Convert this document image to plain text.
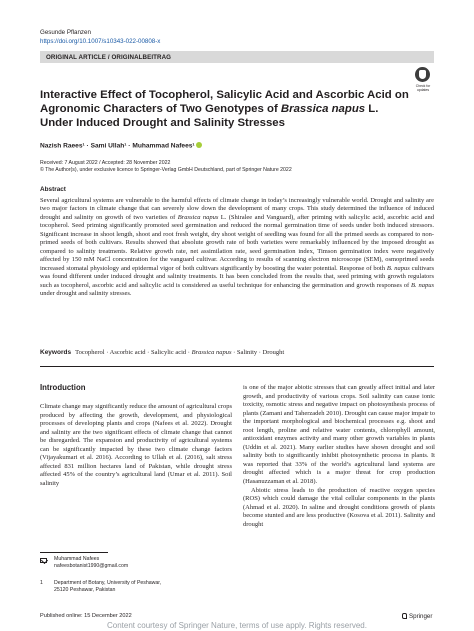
Gesunde Pflanzen
https://doi.org/10.1007/s10343-022-00808-x
ORIGINAL ARTICLE / ORIGINALBEITRAG
Check for updates
Interactive Effect of Tocopherol, Salicylic Acid and Ascorbic Acid on Agronomic Characters of Two Genotypes of Brassica napus L. Under Induced Drought and Salinity Stresses
Nazish Raees¹ · Sami Ullah¹ · Muhammad Nafees¹
Received: 7 August 2022 / Accepted: 28 November 2022
© The Author(s), under exclusive licence to Springer-Verlag GmbH Deutschland, part of Springer Nature 2022
Abstract

Several agricultural systems are vulnerable to the harmful effects of climate change in today’s increasingly vulnerable world. Drought and salinity are two major factors in climate change that can severely slow down the development of many crops. This study determined the influence of induced drought and salinity on growth of two varieties of Brassica napus L. (Shiralee and Vanguard), after priming with salicylic acid, ascorbic acid and tocopherol. Seed priming significantly promoted seed germination and reduced the normal germination time of seeds under both induced stressors. Significant increase in shoot length, shoot and root fresh weight, dry shoot weight of seedling was found for all the primed seeds as compared to non-primed seeds of both cultivars. Results showed that absolute growth rate of both varieties were remarkably influenced by the imposed drought as compared to salinity treatments. Relative growth rate, net assimilation rate, seed germination index, Timson germination index were negatively affected by 150 mM NaCl concentration for the vanguard cultivar. According to results of scanning electron microscope (SEM), osmoprimed seeds increased stomatal physiology and epidermal vigor of both cultivars significantly by boosting the water potential. Response of both B. napus cultivars was found different under induced drought and salinity treatments. It has been concluded from the results that, seed priming with growth regulators such as tocopherol, ascorbic acid and salicylic acid is considered as useful technique for enhancing the germination and growth responses of B. napus under drought and salinity stresses.

Keywords Tocopherol · Ascorbic acid · Salicylic acid · Brassica napus · Salinity · Drought
Introduction

Climate change may significantly reduce the amount of agricultural crops produced by affecting the growth, development, and physiological processes of developing plants and crops (Nafees et al. 2022). Drought and salinity are the two significant effects of climate change that cannot be disregarded. The expansion and productivity of agricultural systems can be significantly impacted by these two climate change factors (Vijayakumari et al. 2016). According to Ullah et al. (2016), salt stress affected 831 million hectares land of Pakistan, while drought stress affected 45% of the country’s agricultural land (Umar et al. 2011). Soil salinity

is one of the major abiotic stresses that can greatly affect initial and later growth, and productivity of various crops. Soil salinity can cause ionic toxicity, osmotic stress and negative impact on photosynthesis process of plants (Zamani and Taherzadeh 2010). Drought can cause major impair to the important morphological and biochemical processes e.g. shoot and root length, proline and relative water contents, chlorophyll amount, antioxidant enzymes activity and many other growth variables in plants (Uddin et al. 2021). Many earlier studies have shown drought and soil salinity both to significantly inhibit photosynthetic process in plants. It was reported that 33% of the world’s agricultural land systems are drought affected which is a major threat for crop production (Hasanuzzaman et al. 2018).

Abiotic stress leads to the production of reactive oxygen species (ROS) which could damage the vital cellular components in the plants (Ahmad et al. 2020). In saline and drought conditions growth of plants become stunted and are less productive (Kosova et al. 2011). Salinity and drought

Muhammad Nafees
nafeesbotanist1990@gmail.com
1 Department of Botany, University of Peshawar,
25120 Peshawar, Pakistan
Published online: 15 December 2022	Springer
Content courtesy of Springer Nature, terms of use apply. Rights reserved.
